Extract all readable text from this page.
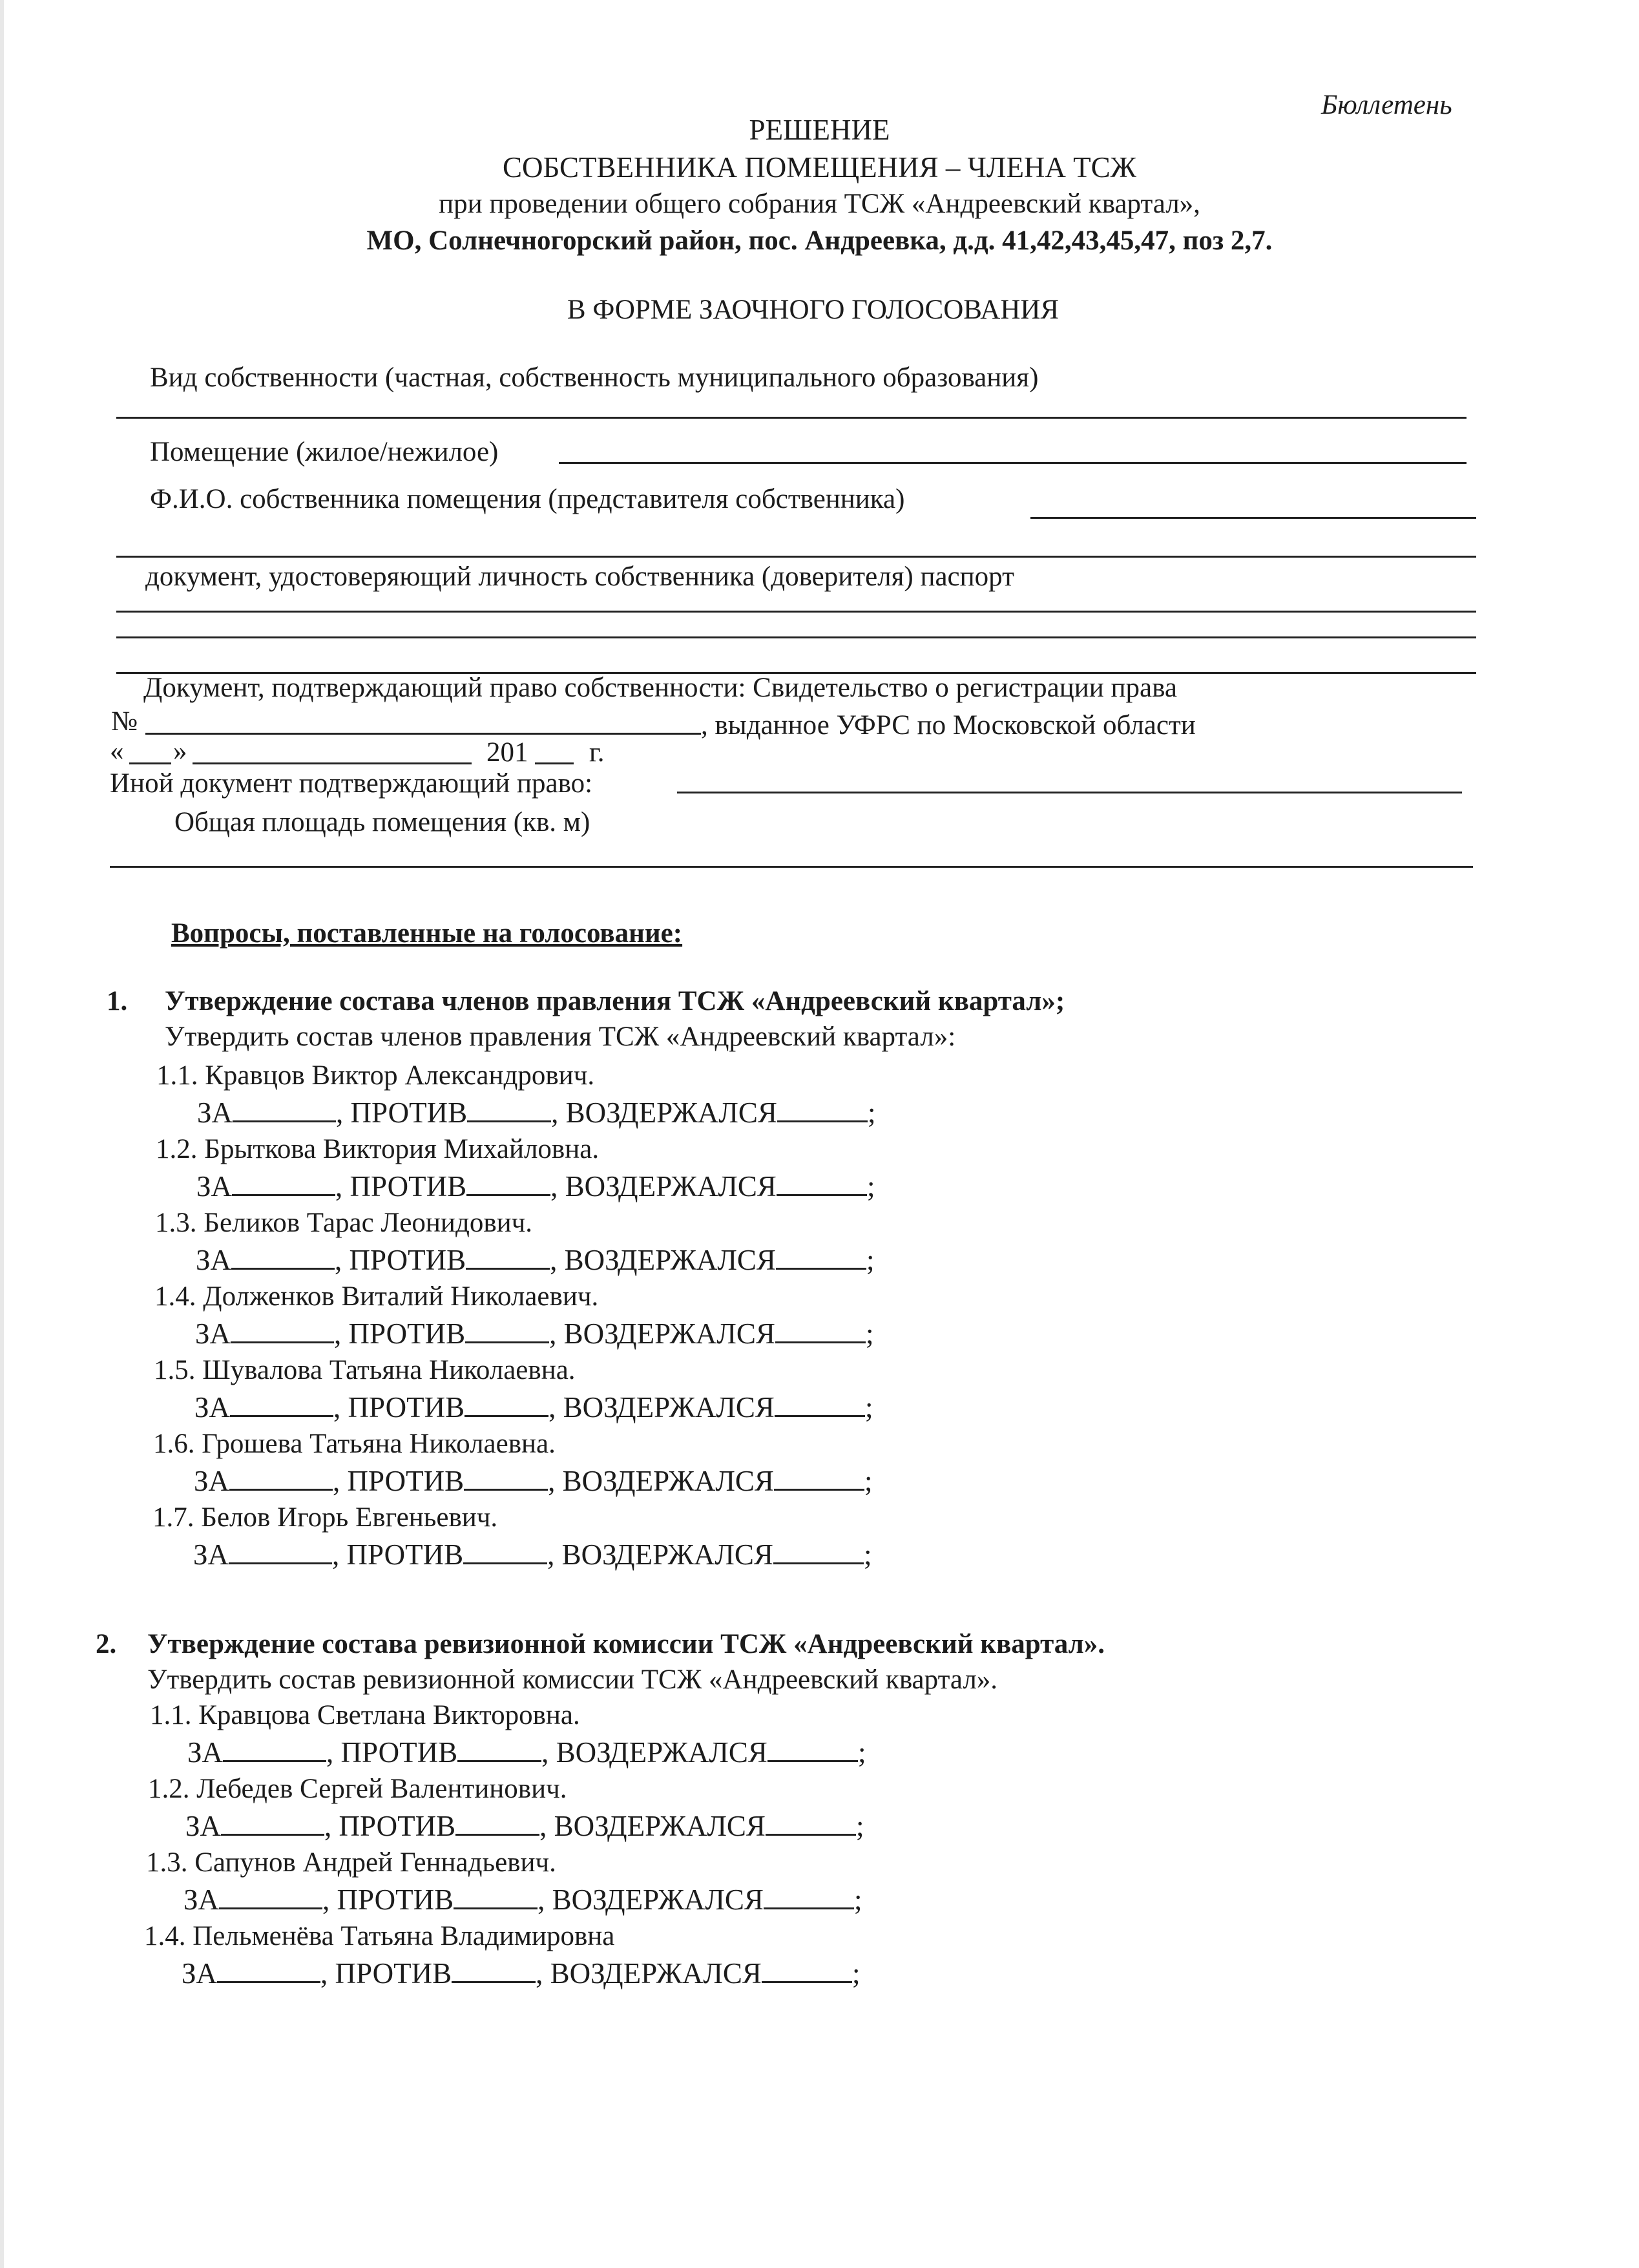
Бюллетень
РЕШЕНИЕ
СОБСТВЕННИКА ПОМЕЩЕНИЯ – ЧЛЕНА ТСЖ
при проведении общего собрания ТСЖ «Андреевский квартал»,
МО, Солнечногорский район, пос. Андреевка, д.д. 41,42,43,45,47, поз 2,7.
В ФОРМЕ ЗАОЧНОГО ГОЛОСОВАНИЯ
Вид собственности (частная, собственность муниципального образования)
Помещение (жилое/нежилое)
Ф.И.О. собственника помещения (представителя собственника)
документ, удостоверяющий личность собственника (доверителя) паспорт
Документ, подтверждающий право собственности: Свидетельство о регистрации права
№	, выданное УФРС по Московской области
« »	201 г.
Иной документ подтверждающий право:
Общая площадь помещения (кв. м)
Вопросы, поставленные на голосование:
1. Утверждение состава членов правления ТСЖ «Андреевский квартал»;
Утвердить состав членов правления ТСЖ «Андреевский квартал»:
1.1. Кравцов Виктор Александрович.
ЗА	, ПРОТИВ	, ВОЗДЕРЖАЛСЯ	;
1.2. Брыткова Виктория Михайловна.
ЗА	, ПРОТИВ	, ВОЗДЕРЖАЛСЯ	;
1.3. Беликов Тарас Леонидович.
ЗА	, ПРОТИВ	, ВОЗДЕРЖАЛСЯ	;
1.4. Долженков Виталий Николаевич.
ЗА	, ПРОТИВ	, ВОЗДЕРЖАЛСЯ	;
1.5. Шувалова Татьяна Николаевна.
ЗА	, ПРОТИВ	, ВОЗДЕРЖАЛСЯ	;
1.6. Грошева Татьяна Николаевна.
ЗА	, ПРОТИВ	, ВОЗДЕРЖАЛСЯ	;
1.7. Белов Игорь Евгеньевич.
ЗА	, ПРОТИВ	, ВОЗДЕРЖАЛСЯ	;
2. Утверждение состава ревизионной комиссии ТСЖ «Андреевский квартал».
Утвердить состав ревизионной комиссии ТСЖ «Андреевский квартал».
1.1. Кравцова Светлана Викторовна.
ЗА	, ПРОТИВ	, ВОЗДЕРЖАЛСЯ	;
1.2. Лебедев Сергей Валентинович.
ЗА	, ПРОТИВ	, ВОЗДЕРЖАЛСЯ	;
1.3. Сапунов Андрей Геннадьевич.
ЗА	, ПРОТИВ	, ВОЗДЕРЖАЛСЯ	;
1.4. Пельменёва Татьяна Владимировна
ЗА	, ПРОТИВ	, ВОЗДЕРЖАЛСЯ	;
